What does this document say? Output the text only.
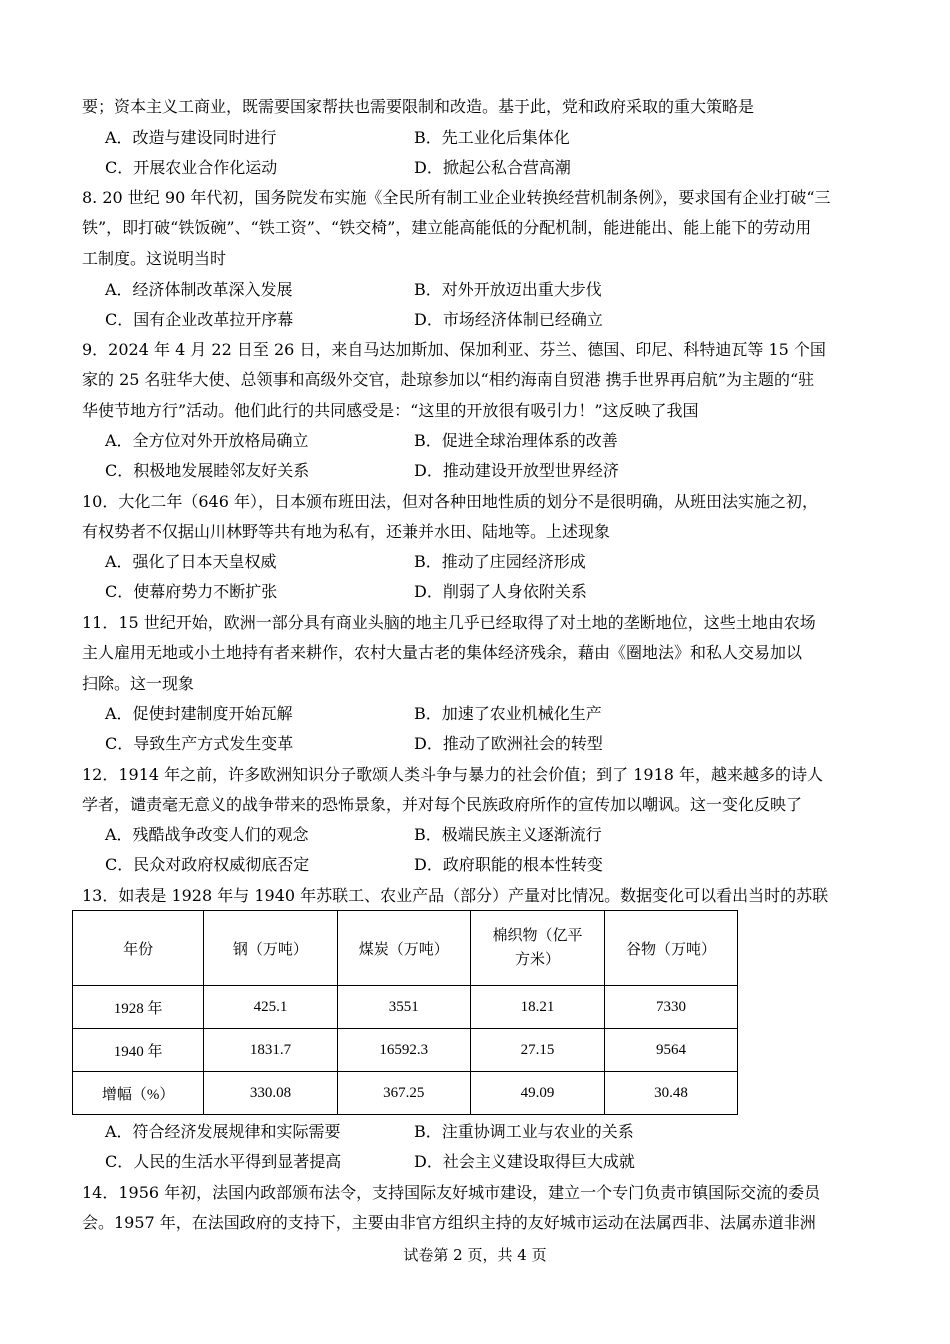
要；资本主义工商业，既需要国家帮扶也需要限制和改造。基于此，党和政府采取的重大策略是
A．改造与建设同时进行	B．先工业化后集体化
C．开展农业合作化运动	D．掀起公私合营高潮
8. 20 世纪 90 年代初，国务院发布实施《全民所有制工业企业转换经营机制条例》，要求国有企业打破“三
铁”，即打破“铁饭碗”、“铁工资”、“铁交椅”，建立能高能低的分配机制，能进能出、能上能下的劳动用
工制度。这说明当时
A．经济体制改革深入发展	B．对外开放迈出重大步伐
C．国有企业改革拉开序幕	D．市场经济体制已经确立
9．2024 年 4 月 22 日至 26 日，来自马达加斯加、保加利亚、芬兰、德国、印尼、科特迪瓦等 15 个国
家的 25 名驻华大使、总领事和高级外交官，赴琼参加以“相约海南自贸港 携手世界再启航”为主题的“驻
华使节地方行”活动。他们此行的共同感受是：“这里的开放很有吸引力！”这反映了我国
A．全方位对外开放格局确立	B．促进全球治理体系的改善
C．积极地发展睦邻友好关系	D．推动建设开放型世界经济
10．大化二年（646 年），日本颁布班田法，但对各种田地性质的划分不是很明确，从班田法实施之初，
有权势者不仅据山川林野等共有地为私有，还兼并水田、陆地等。上述现象
A．强化了日本天皇权威	B．推动了庄园经济形成
C．使幕府势力不断扩张	D．削弱了人身依附关系
11．15 世纪开始，欧洲一部分具有商业头脑的地主几乎已经取得了对土地的垄断地位，这些土地由农场
主人雇用无地或小土地持有者来耕作，农村大量古老的集体经济残余，藉由《圈地法》和私人交易加以
扫除。这一现象
A．促使封建制度开始瓦解	B．加速了农业机械化生产
C．导致生产方式发生变革	D．推动了欧洲社会的转型
12．1914 年之前，许多欧洲知识分子歌颂人类斗争与暴力的社会价值；到了 1918 年，越来越多的诗人
学者，谴责毫无意义的战争带来的恐怖景象，并对每个民族政府所作的宣传加以嘲讽。这一变化反映了
A．残酷战争改变人们的观念	B．极端民族主义逐渐流行
C．民众对政府权威彻底否定	D．政府职能的根本性转变
13．如表是 1928 年与 1940 年苏联工、农业产品（部分）产量对比情况。数据变化可以看出当时的苏联
年份	钢（万吨）	煤炭（万吨）	棉织物（亿平
方米）	谷物（万吨）
1928 年	425.1	3551	18.21	7330
1940 年	1831.7	16592.3	27.15	9564
增幅（%）	330.08	367.25	49.09	30.48
A．符合经济发展规律和实际需要	B．注重协调工业与农业的关系
C．人民的生活水平得到显著提高	D．社会主义建设取得巨大成就
14．1956 年初，法国内政部颁布法令，支持国际友好城市建设，建立一个专门负责市镇国际交流的委员
会。1957 年，在法国政府的支持下，主要由非官方组织主持的友好城市运动在法属西非、法属赤道非洲
试卷第 2 页，共 4 页
